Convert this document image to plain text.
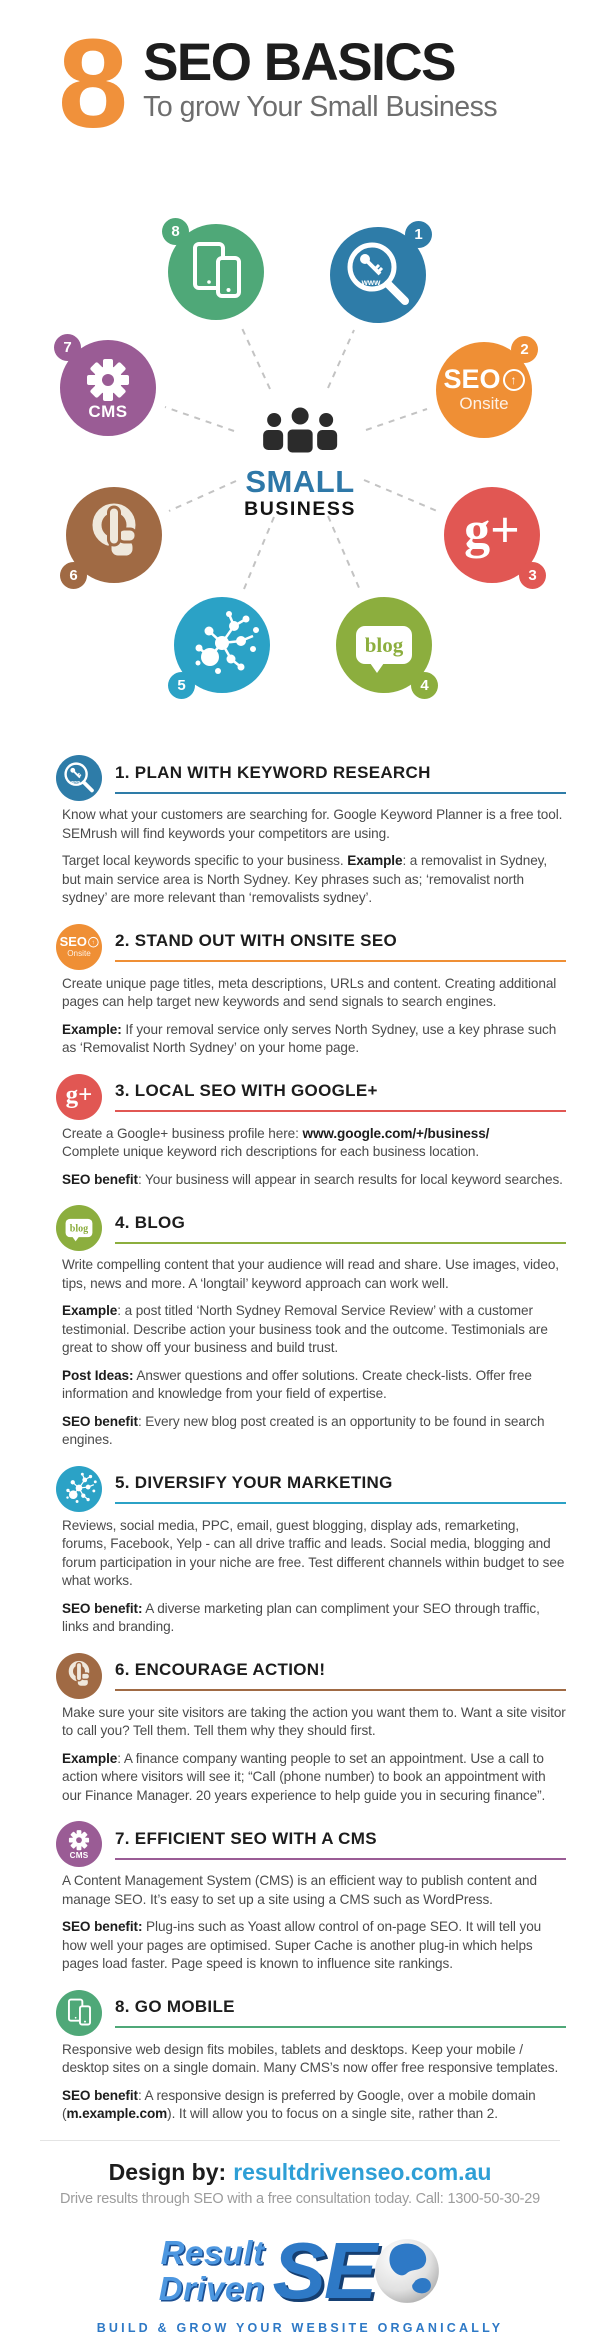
8 SEO BASICS
To grow Your Small Business
1
www
2
SEO ↑
Onsite
3
g+
4
blog
5
6
7
CMS
8
SMALL
BUSINESS
www
1. PLAN WITH KEYWORD RESEARCH

Know what your customers are searching for. Google Keyword Planner is a free tool. SEMrush will find keywords your competitors are using.

Target local keywords specific to your business. Example: a removalist in Sydney, but main service area is North Sydney. Key phrases such as; ‘removalist north sydney’ are more relevant than ‘removalists sydney’.

SEO ↑
Onsite
2. STAND OUT WITH ONSITE SEO

Create unique page titles, meta descriptions, URLs and content. Creating additional pages can help target new keywords and send signals to search engines.

Example: If your removal service only serves North Sydney, use a key phrase such as ‘Removalist North Sydney’ on your home page.

g+ 3. LOCAL SEO WITH GOOGLE+

Create a Google+ business profile here: www.google.com/+/business/
Complete unique keyword rich descriptions for each business location.

SEO benefit: Your business will appear in search results for local keyword searches.

blog 4. BLOG

Write compelling content that your audience will read and share. Use images, video, tips, news and more. A ‘longtail’ keyword approach can work well.

Example: a post titled ‘North Sydney Removal Service Review’ with a customer testimonial. Describe action your business took and the outcome. Testimonials are great to show off your business and build trust.

Post Ideas: Answer questions and offer solutions. Create check-lists. Offer free information and knowledge from your field of expertise.

SEO benefit: Every new blog post created is an opportunity to be found in search engines.

5. DIVERSIFY YOUR MARKETING

Reviews, social media, PPC, email, guest blogging, display ads, remarketing, forums, Facebook, Yelp - can all drive traffic and leads. Social media, blogging and forum participation in your niche are free. Test different channels within budget to see what works.

SEO benefit: A diverse marketing plan can compliment your SEO through traffic, links and branding.

6. ENCOURAGE ACTION!

Make sure your site visitors are taking the action you want them to. Want a site visitor to call you? Tell them. Tell them why they should first.

Example: A finance company wanting people to set an appointment. Use a call to action where visitors will see it; “Call (phone number) to book an appointment with our Finance Manager. 20 years experience to help guide you in securing finance”.

CMS
7. EFFICIENT SEO WITH A CMS

A Content Management System (CMS) is an efficient way to publish content and manage SEO. It’s easy to set up a site using a CMS such as WordPress.

SEO benefit: Plug-ins such as Yoast allow control of on-page SEO. It will tell you how well your pages are optimised. Super Cache is another plug-in which helps pages load faster. Page speed is known to influence site rankings.

8. GO MOBILE

Responsive web design fits mobiles, tablets and desktops. Keep your mobile / desktop sites on a single domain. Many CMS’s now offer free responsive templates.

SEO benefit: A responsive design is preferred by Google, over a mobile domain (m.example.com). It will allow you to focus on a single site, rather than 2.

Design by: resultdrivenseo.com.au
Drive results through SEO with a free consultation today. Call: 1300-50-30-29
Result
Driven SE
BUILD & GROW YOUR WEBSITE ORGANICALLY
